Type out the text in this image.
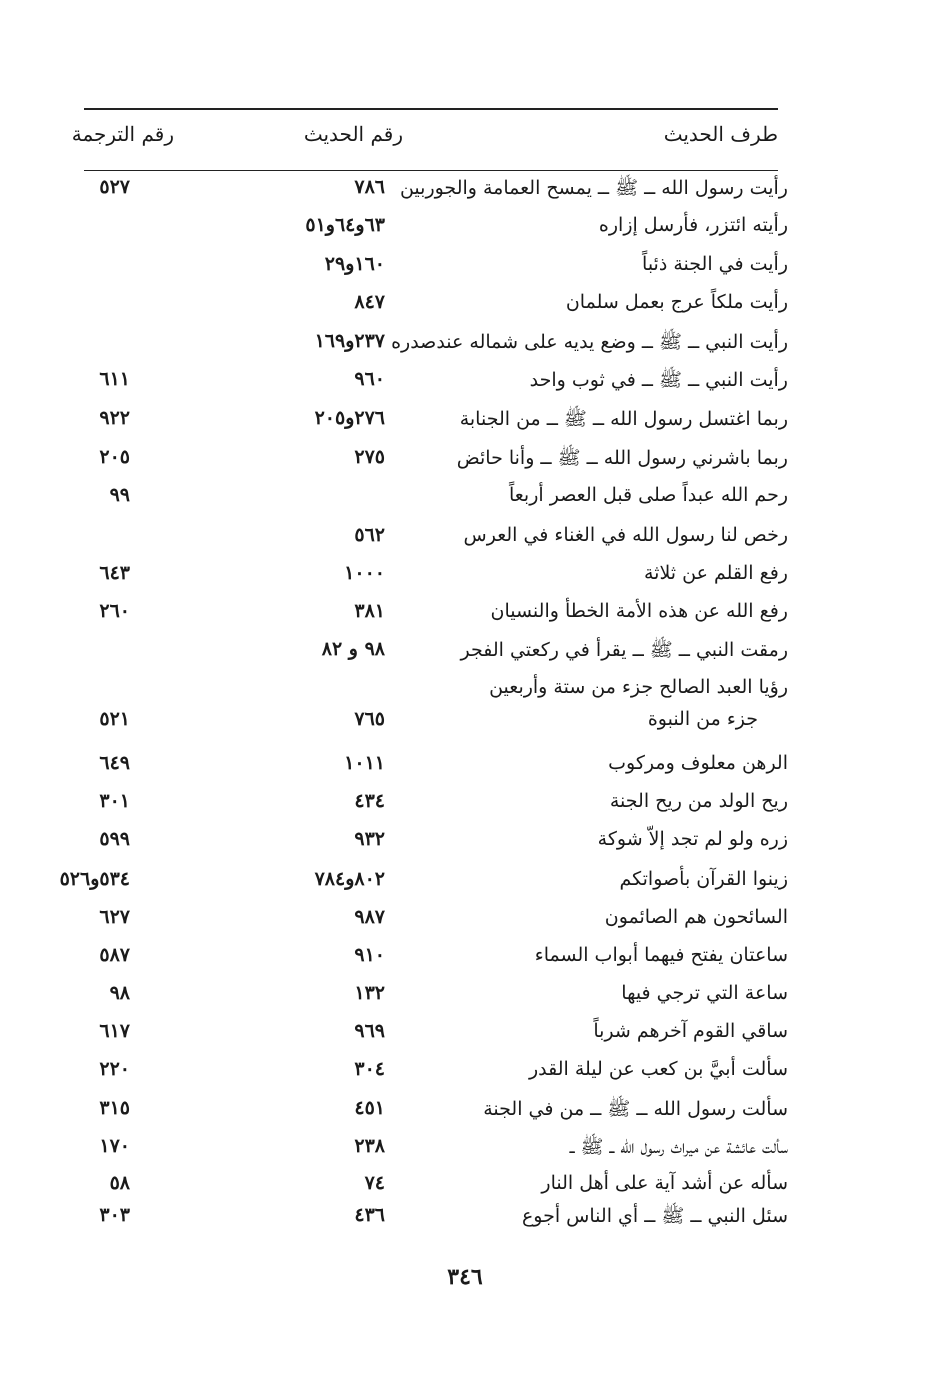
طرف الحديث
رقم الحديث
رقم الترجمة
رأيت رسول الله ــ ﷺ ــ يمسح العمامة والجوربين
٧٨٦
٥٢٧
رأيته ائتزر، فأرسل إزاره
٦٣و٦٤و٥١
رأيت في الجنة ذئباً
١٦٠و٢٩
رأيت ملكاً عرج بعمل سلمان
٨٤٧
رأيت النبي ــ ﷺ ــ وضع يديه على شماله عندصدره
٢٣٧و١٦٩
رأيت النبي ــ ﷺ ــ في ثوب واحد
٩٦٠
٦١١
ربما اغتسل رسول الله ــ ﷺ ــ من الجنابة
٢٧٦و٢٠٥
٩٢٢
ربما باشرني رسول الله ــ ﷺ ــ وأنا حائض
٢٧٥
٢٠٥
رحم الله عبداً صلى قبل العصر أربعاً
٩٩
رخص لنا رسول الله في الغناء في العرس
٥٦٢
رفع القلم عن ثلاثة
١٠٠٠
٦٤٣
رفع الله عن هذه الأمة الخطأ والنسيان
٣٨١
٢٦٠
رمقت النبي ــ ﷺ ــ يقرأ في ركعتي الفجر
٩٨ و ٨٢
رؤيا العبد الصالح جزء من ستة وأربعين
جزء من النبوة
٧٦٥
٥٢١
الرهن معلوف ومركوب
١٠١١
٦٤٩
ريح الولد من ريح الجنة
٤٣٤
٣٠١
زره ولو لم تجد إلاّ شوكة
٩٣٢
٥٩٩
زينوا القرآن بأصواتكم
٨٠٢و٧٨٤
٥٣٤و٥٢٦
السائحون هم الصائمون
٩٨٧
٦٢٧
ساعتان يفتح فيهما أبواب السماء
٩١٠
٥٨٧
ساعة التي ترجي فيها
١٣٢
٩٨
ساقي القوم آخرهم شرباً
٩٦٩
٦١٧
سألت أبيَّ بن كعب عن ليلة القدر
٣٠٤
٢٢٠
سألت رسول الله ــ ﷺ ــ من في الجنة
٤٥١
٣١٥
سألت عائشة عن ميراث رسول الله ــ ﷺ ــ
٢٣٨
١٧٠
سأله عن أشد آية على أهل النار
٧٤
٥٨
سئل النبي ــ ﷺ ــ أي الناس أجوع
٤٣٦
٣٠٣
٣٤٦
